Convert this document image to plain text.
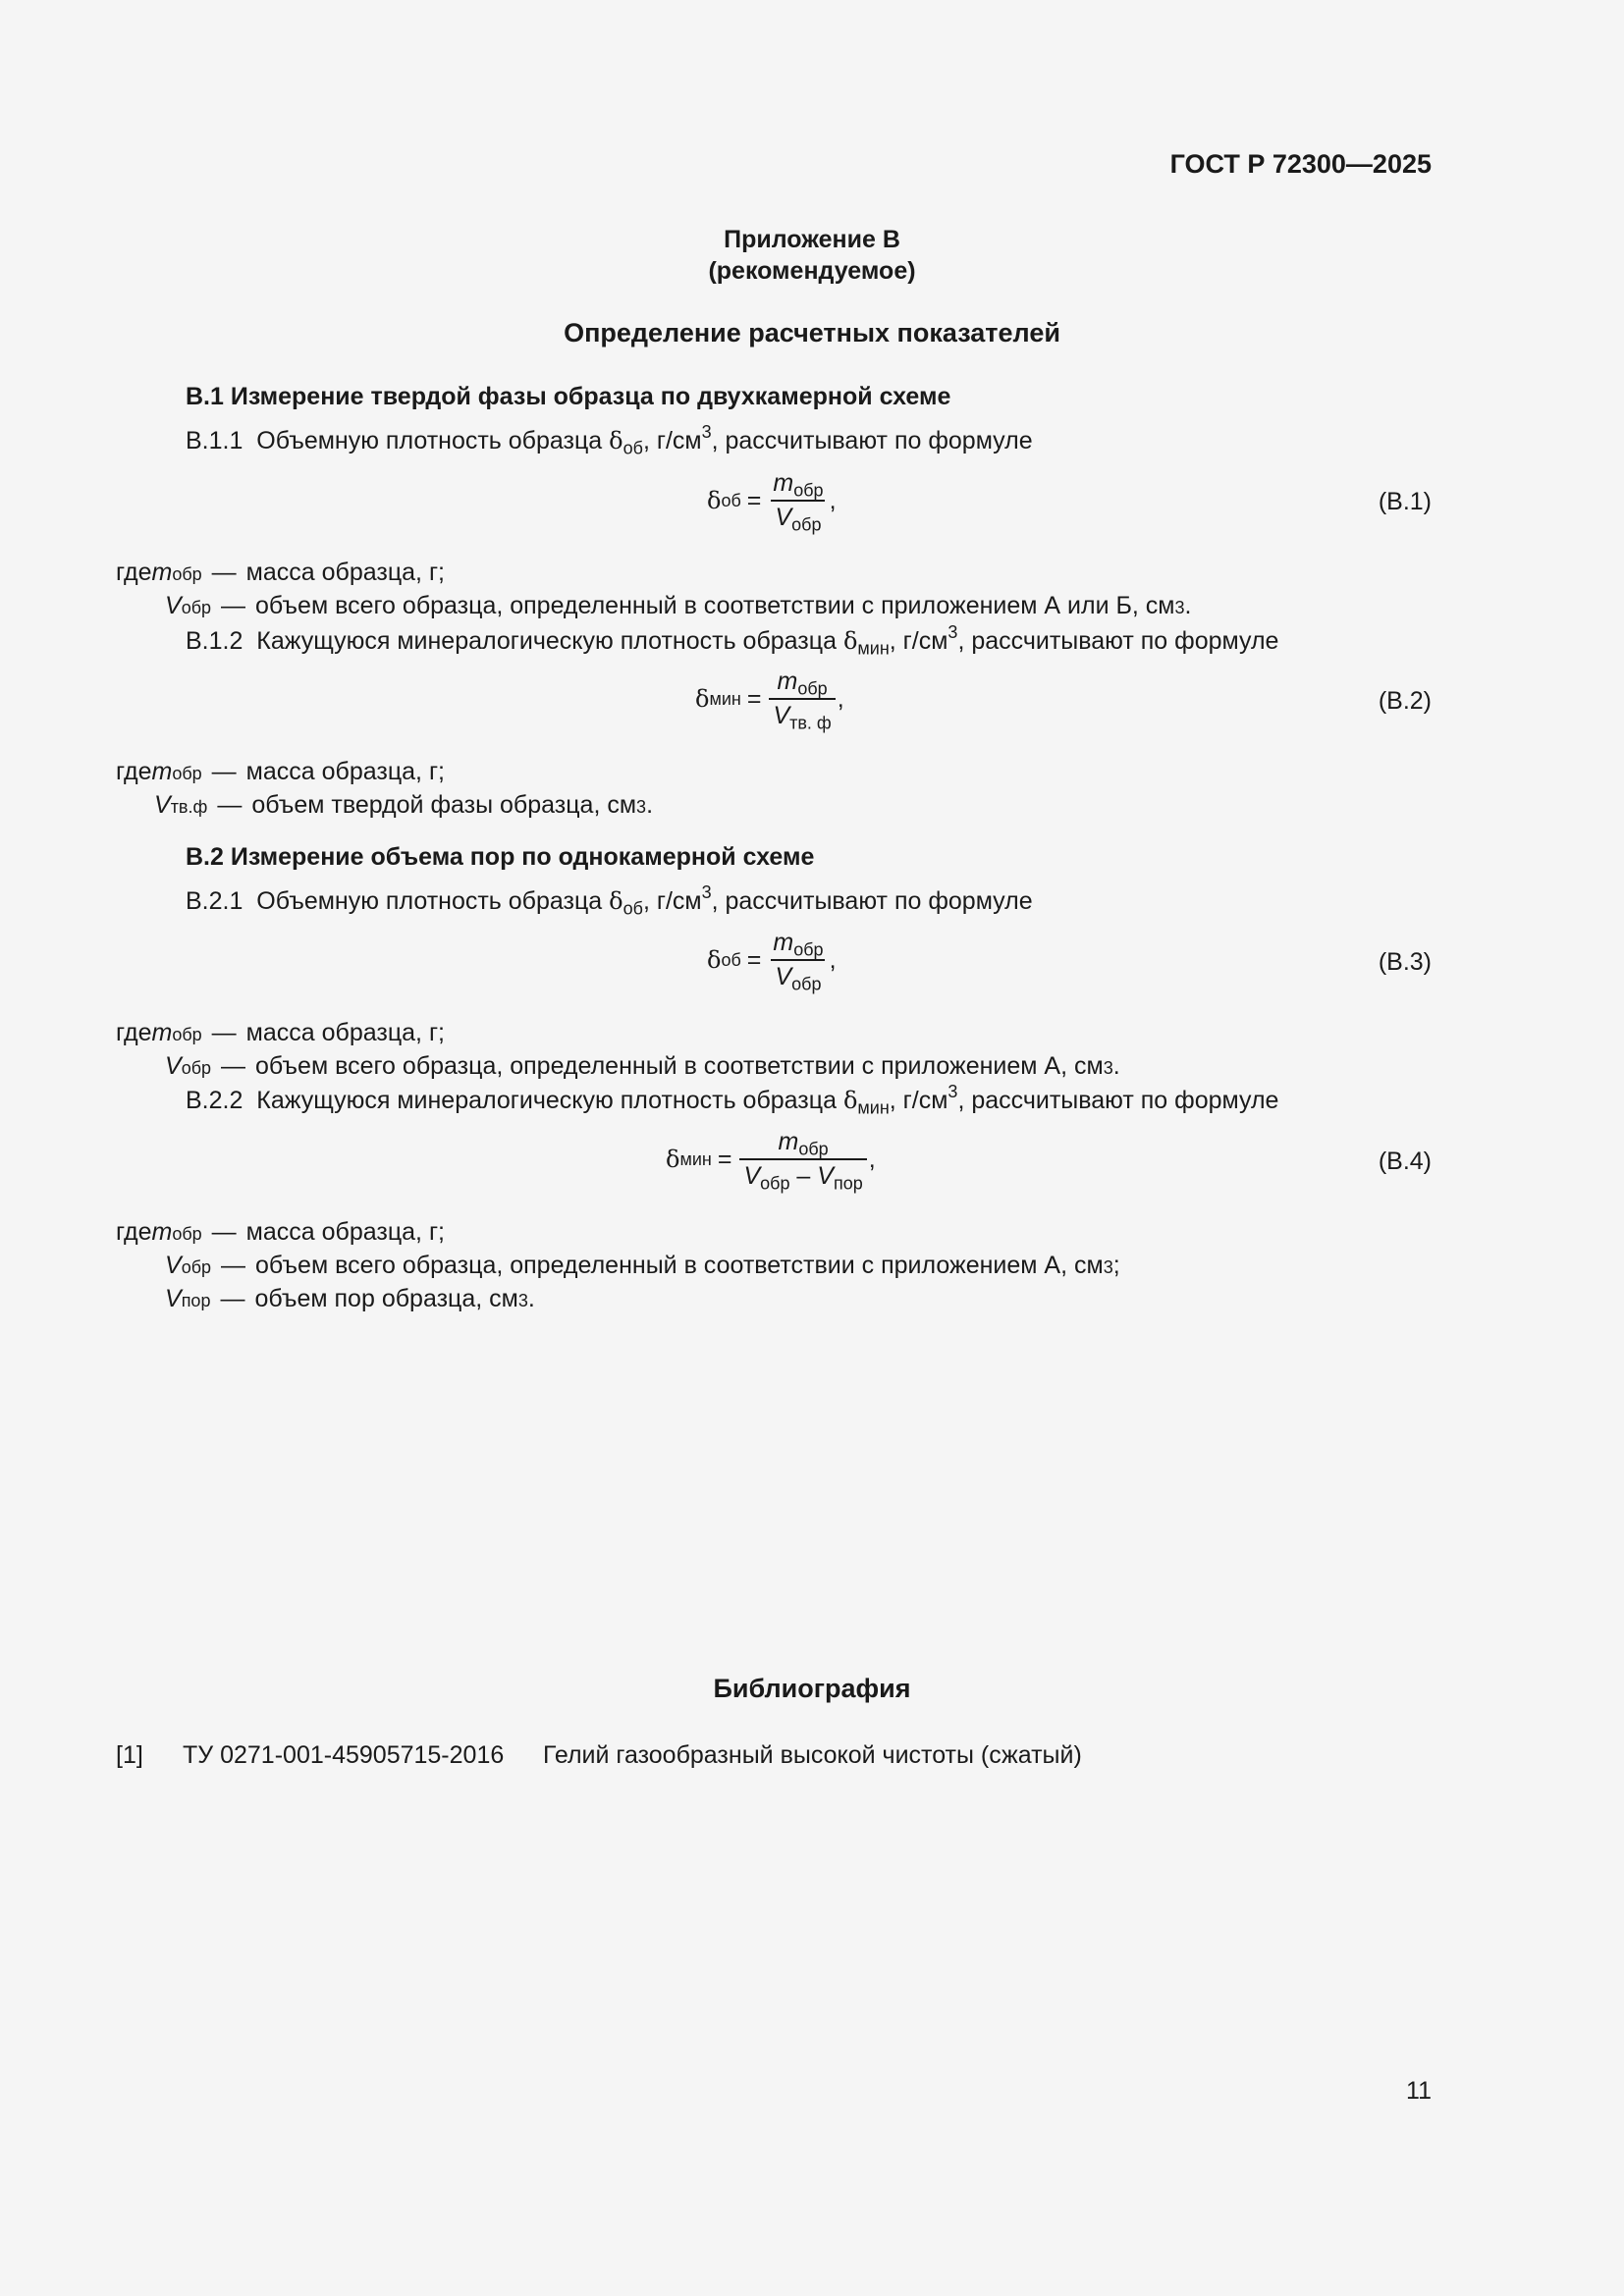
ГОСТ Р 72300—2025
Приложение В
(рекомендуемое)
Определение расчетных показателей
В.1 Измерение твердой фазы образца по двухкамерной схеме
В.1.1 Объемную плотность образца $\delta_{об}$, $г/см^3$, рассчитывают по формуле
δ об = $\frac{m_{обр}}{V_{обр}}$ ,	(В.1)
где m обр — масса образца, г;
V обр — объем всего образца, определенный в соответствии с приложением А или Б, см 3 .
В.1.2 Кажущуюся минералогическую плотность образца $\delta_{мин}$, $г/см^3$, рассчитывают по формуле
δ мин = $\frac{m_{обр}}{V_{тв. ф}}$ ,	(В.2)
где m обр — масса образца, г;
V тв.ф — объем твердой фазы образца, см 3 .
В.2 Измерение объема пор по однокамерной схеме
В.2.1 Объемную плотность образца $\delta_{об}$, $г/см^3$, рассчитывают по формуле
δ об = $\frac{m_{обр}}{V_{обр}}$ ,	(В.3)
где m обр — масса образца, г;
V обр — объем всего образца, определенный в соответствии с приложением А, см 3 .
В.2.2 Кажущуюся минералогическую плотность образца $\delta_{мин}$, $г/см^3$, рассчитывают по формуле
δ мин = $\frac{m_{обр}}{V_{обр} - V_{пор}}$ ,	(В.4)
где m обр — масса образца, г;
V обр — объем всего образца, определенный в соответствии с приложением А, см 3 ;
V пор — объем пор образца, см 3 .
Библиография
[1] ТУ 0271-001-45905715-2016 Гелий газообразный высокой чистоты (сжатый)
11
